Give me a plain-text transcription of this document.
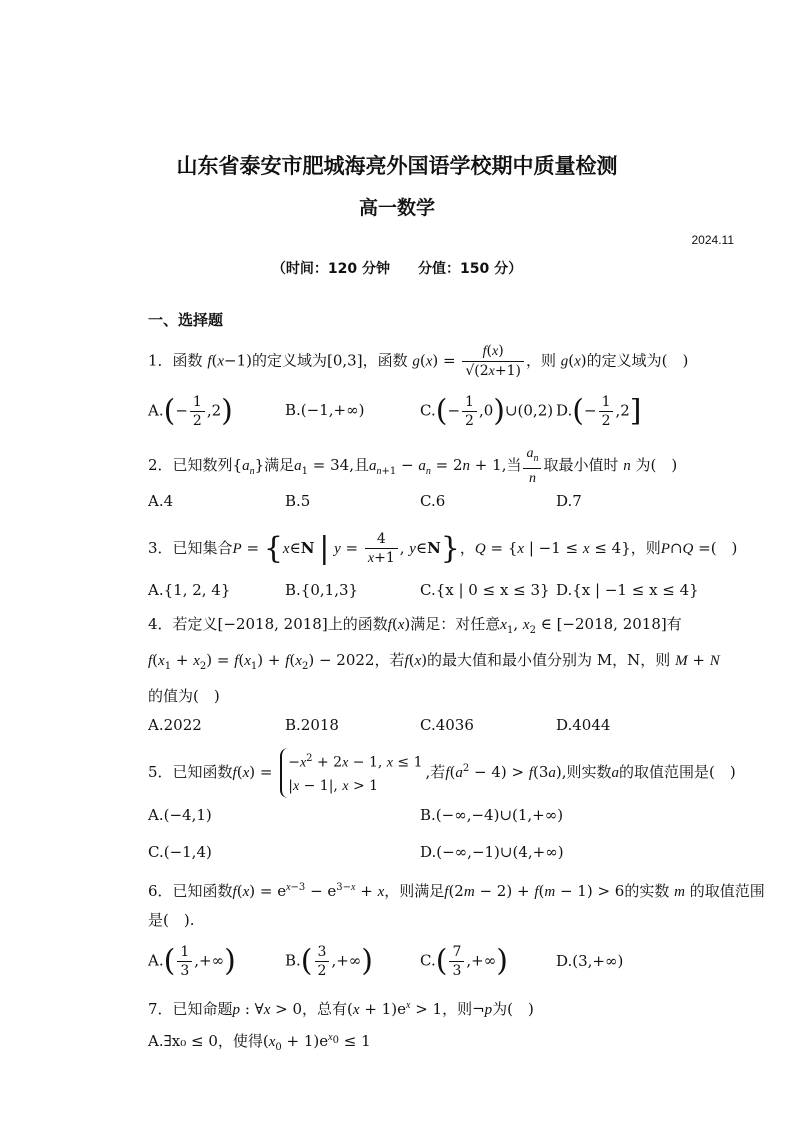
山东省泰安市肥城海亮外国语学校期中质量检测
高一数学
2024.11
（时间：120 分钟 分值：150 分）
一、选择题
1．函数 f(x−1)的定义域为[0,3]，函数 $g(x) = \frac{f(x)}{√(2x+1)}$ ，则 g(x)的定义域为(　)
$A.(- \frac{1}{2} ,2)$	B.(−1,+∞)	$C.(- \frac{1}{2}$ ,0)∪(0,2) $D.(- \frac{1}{2} ,2]$
2．已知数列$\{a_n\}$满足$a_1 = 34$,且$a_{n+1} - a_n = 2n + 1$,当 $\frac{a_n}{n}$ 取最小值时 n 为(　)
A.4	B.5	C.6	D.7
3．已知集合P = {x∈N | $y = \frac{4}{x+1}$ , y∈N}，Q = {x | −1 ≤ x ≤ 4}，则P∩Q =(　)
A.{1, 2, 4}	B.{0,1,3}	C.{x | 0 ≤ x ≤ 3} D.{x | −1 ≤ x ≤ 4}
4．若定义[−2018, 2018]上的函数f(x)满足：对任意$x_1$, $x_2$ ∈ [−2018, 2018]有
$f(x_1 + x_2) = f(x_1) + f(x_2) - 2022$，若f(x)的最大值和最小值分别为 M，N，则 M + N
的值为(　)
A.2022	B.2018	C.4036	D.4044
5．已知函数$f(x) = -x^2 + 2x - 1$, x ≤ 1
|x − 1|, x > 1,若$f(a^2 - 4) > f(3a)$,则实数a的取值范围是(　)
A.(−4,1)	B.(−∞,−4)∪(1,+∞)
C.(−1,4)	D.(−∞,−1)∪(4,+∞)
6．已知函数$f(x) = e^{x-3} - e^{3-x} + x$，则满足f(2m − 2) + f(m − 1) > 6的实数 m 的取值范围
是(　).
$A.( \frac{1}{3}$ ,+∞)	$B.( \frac{3}{2}$ ,+∞)	$C.( \frac{7}{3}$ ,+∞)	D.(3,+∞)
7．已知命题p : ∀x > 0，总有$(x + 1)e^x > 1$，则¬p为(　)
A.∃x₀ ≤ 0，使得$(x_0 + 1)e^{x_0} \le 1$
